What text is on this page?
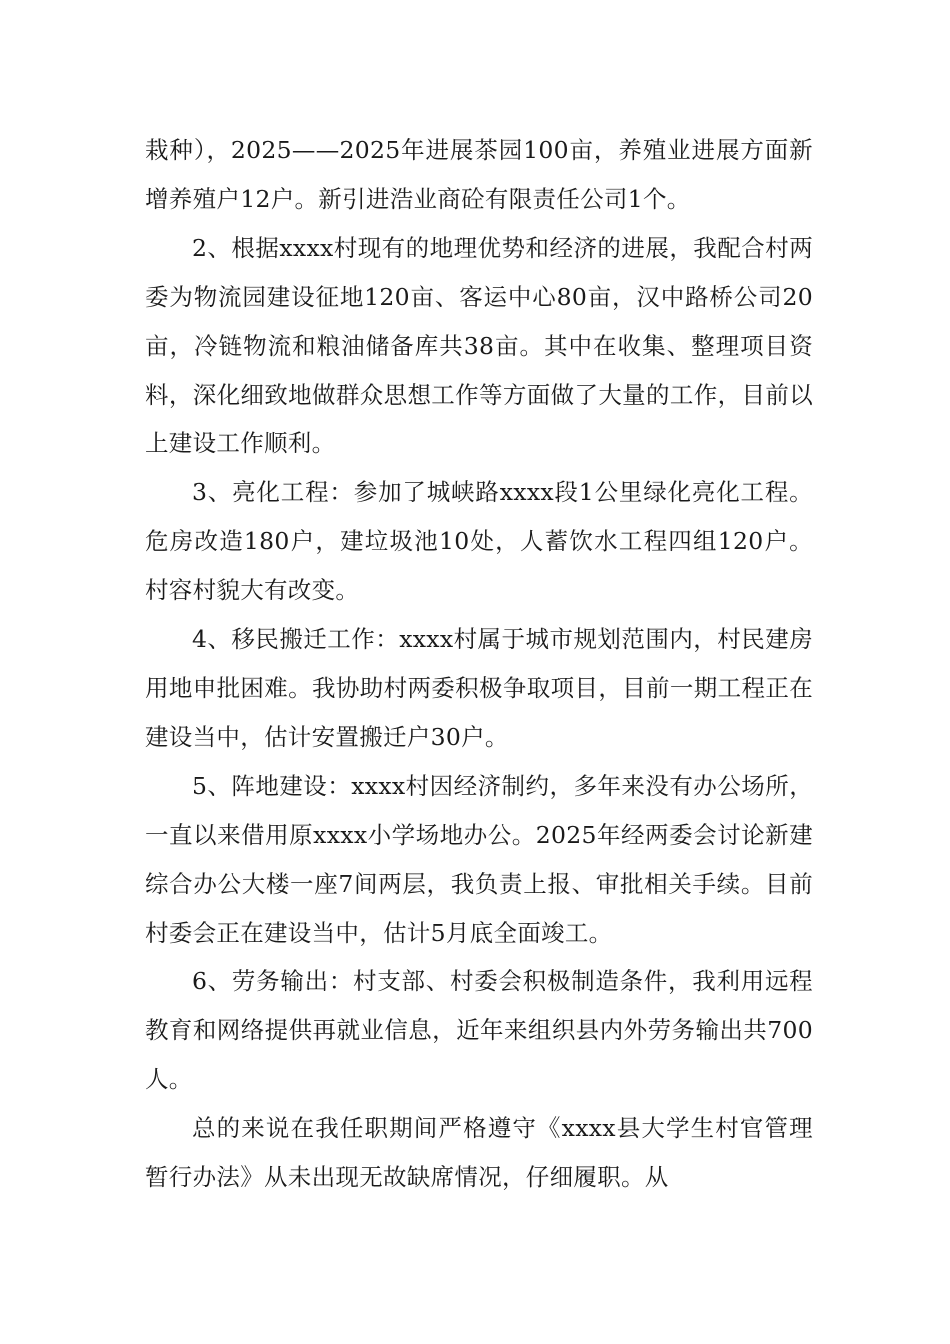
栽种），2025——2025年进展茶园100亩，养殖业进展方面新增养殖户12户。新引进浩业商砼有限责任公司1个。

2、根据xxxx村现有的地理优势和经济的进展，我配合村两委为物流园建设征地120亩、客运中心80亩，汉中路桥公司20亩，冷链物流和粮油储备库共38亩。其中在收集、整理项目资料，深化细致地做群众思想工作等方面做了大量的工作，目前以上建设工作顺利。

3、亮化工程：参加了城峡路xxxx段1公里绿化亮化工程。危房改造180户，建垃圾池10处，人蓄饮水工程四组120户。村容村貌大有改变。

4、移民搬迁工作：xxxx村属于城市规划范围内，村民建房用地申批困难。我协助村两委积极争取项目，目前一期工程正在建设当中，估计安置搬迁户30户。

5、阵地建设：xxxx村因经济制约，多年来没有办公场所，一直以来借用原xxxx小学场地办公。2025年经两委会讨论新建综合办公大楼一座7间两层，我负责上报、审批相关手续。目前村委会正在建设当中，估计5月底全面竣工。

6、劳务输出：村支部、村委会积极制造条件，我利用远程教育和网络提供再就业信息，近年来组织县内外劳务输出共700人。

总的来说在我任职期间严格遵守《xxxx县大学生村官管理暂行办法》从未出现无故缺席情况，仔细履职。从
